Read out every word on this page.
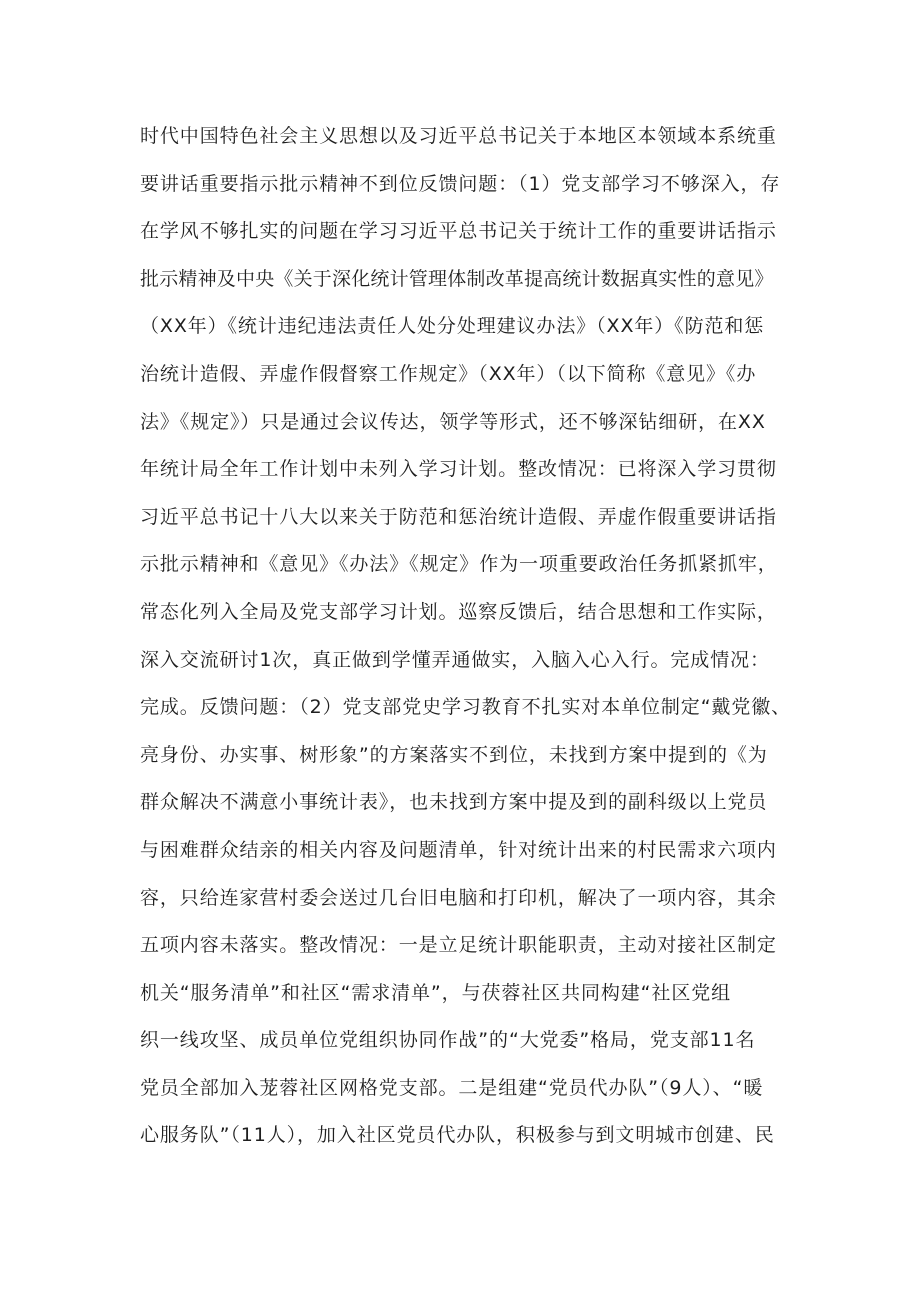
时代中国特色社会主义思想以及习近平总书记关于本地区本领域本系统重
要讲话重要指示批示精神不到位反馈问题：（1）党支部学习不够深入，存
在学风不够扎实的问题在学习习近平总书记关于统计工作的重要讲话指示
批示精神及中央《关于深化统计管理体制改革提高统计数据真实性的意见》
（XX年）《统计违纪违法责任人处分处理建议办法》（XX年）《防范和惩
治统计造假、弄虚作假督察工作规定》（XX年）（以下简称《意见》《办
法》《规定》）只是通过会议传达，领学等形式，还不够深钻细研，在XX
年统计局全年工作计划中未列入学习计划。整改情况：已将深入学习贯彻
习近平总书记十八大以来关于防范和惩治统计造假、弄虚作假重要讲话指
示批示精神和《意见》《办法》《规定》作为一项重要政治任务抓紧抓牢，
常态化列入全局及党支部学习计划。巡察反馈后，结合思想和工作实际，
深入交流研讨1次，真正做到学懂弄通做实，入脑入心入行。完成情况：
完成。反馈问题：（2）党支部党史学习教育不扎实对本单位制定“戴党徽、
亮身份、办实事、树形象”的方案落实不到位，未找到方案中提到的《为
群众解决不满意小事统计表》，也未找到方案中提及到的副科级以上党员
与困难群众结亲的相关内容及问题清单，针对统计出来的村民需求六项内
容，只给连家营村委会送过几台旧电脑和打印机，解决了一项内容，其余
五项内容未落实。整改情况：一是立足统计职能职责，主动对接社区制定
机关“服务清单”和社区“需求清单”，与茯蓉社区共同构建“社区党组
织一线攻坚、成员单位党组织协同作战”的“大党委”格局，党支部11名
党员全部加入茏蓉社区网格党支部。二是组建“党员代办队”（9人）、“暖
心服务队”（11人），加入社区党员代办队，积极参与到文明城市创建、民
